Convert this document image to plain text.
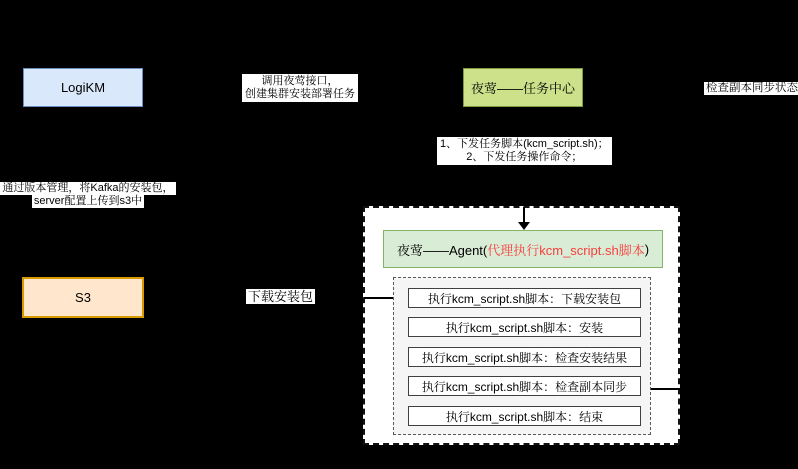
LogiKM	调用夜莺接口，
创建集群安装部署任务	夜莺——任务中心	检查副本同步状态
1、下发任务脚本(kcm_script.sh)；
2、下发任务操作命令；
通过版本管理，将Kafka的安装包，
server配置上传到s3中
S3	下载安装包
夜莺——Agent( 代理执行kcm_script.sh脚本 )
执行kcm_script.sh脚本：下载安装包
执行kcm_script.sh脚本：安装
执行kcm_script.sh脚本：检查安装结果
执行kcm_script.sh脚本：检查副本同步
执行kcm_script.sh脚本：结束
